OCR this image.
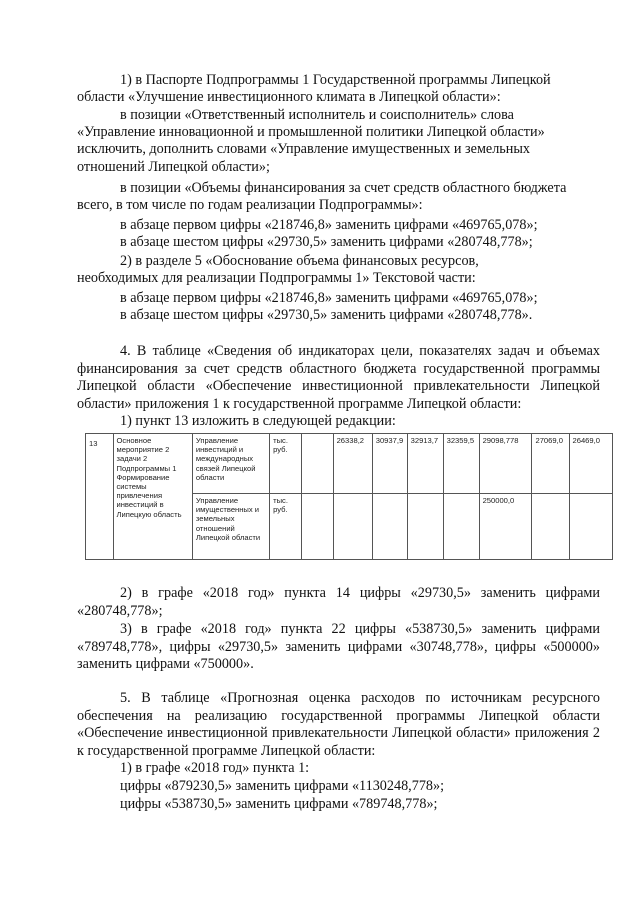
1) в Паспорте Подпрограммы 1 Государственной программы Липецкой

области «Улучшение инвестиционного климата в Липецкой области»:

в позиции «Ответственный исполнитель и соисполнитель» слова

«Управление инновационной и промышленной политики Липецкой области»

исключить, дополнить словами «Управление имущественных и земельных

отношений Липецкой области»;

в позиции «Объемы финансирования за счет средств областного бюджета

всего, в том числе по годам реализации Подпрограммы»:

в абзаце первом цифры «218746,8» заменить цифрами «469765,078»;

в абзаце шестом цифры «29730,5» заменить цифрами «280748,778»;

2) в разделе 5 «Обоснование объема финансовых ресурсов,

необходимых для реализации Подпрограммы 1» Текстовой части:

в абзаце первом цифры «218746,8» заменить цифрами «469765,078»;

в абзаце шестом цифры «29730,5» заменить цифрами «280748,778».

4. В таблице «Сведения об индикаторах цели, показателях задач и объемах финансирования за счет средств областного бюджета государственной программы Липецкой области «Обеспечение инвестиционной привлекательности Липецкой области» приложения 1 к государственной программе Липецкой области:

1) пункт 13 изложить в следующей редакции:

13	Основное мероприятие 2 задачи 2 Подпрограммы 1 Формирование системы привлечения инвестиций в Липецкую область	Управление инвестиций и международных связей Липецкой области	тыс. руб.		26338,2	30937,9	32913,7	32359,5	29098,778	27069,0	26469,0
		Управление имущественных и земельных отношений Липецкой области	тыс. руб.						250000,0		

2) в графе «2018 год» пункта 14 цифры «29730,5» заменить цифрами «280748,778»;

3) в графе «2018 год» пункта 22 цифры «538730,5» заменить цифрами «789748,778», цифры «29730,5» заменить цифрами «30748,778», цифры «500000» заменить цифрами «750000».

5. В таблице «Прогнозная оценка расходов по источникам ресурсного обеспечения на реализацию государственной программы Липецкой области «Обеспечение инвестиционной привлекательности Липецкой области» приложения 2 к государственной программе Липецкой области:

1) в графе «2018 год» пункта 1:

цифры «879230,5» заменить цифрами «1130248,778»;

цифры «538730,5» заменить цифрами «789748,778»;
